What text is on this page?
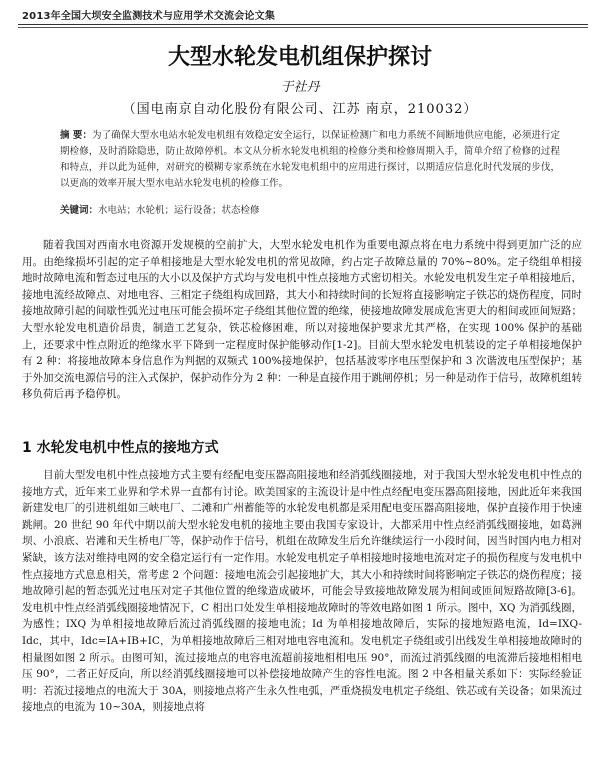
2013年全国大坝安全监测技术与应用学术交流会论文集
大型水轮发电机组保护探讨
于社丹
（国电南京自动化股份有限公司、江苏 南京，210032）
摘 要：为了确保大型水电站水轮发电机组有效稳定安全运行，以保证检测广和电力系统不间断地供应电能，必须进行定期检修，及时消除隐患，防止故障停机。本文从分析水轮发电机组的检修分类和检修周期入手，简单介绍了检修的过程和特点，并以此为延伸，对研究的模糊专家系统在水轮发电机组中的应用进行探讨，以期适应信息化时代发展的步伐，以更高的效率开展大型水电站水轮发电机的检修工作。
关键词：水电站；水轮机；运行设备；状态检修
随着我国对西南水电资源开发规模的空前扩大，大型水轮发电机作为重要电源点将在电力系统中得到更加广泛的应用。由绝缘损坏引起的定子单相接地是大型水轮发电机的常见故障，约占定子故障总量的 70%~80%。定子绕组单相接地时故障电流和暂态过电压的大小以及保护方式均与发电机中性点接地方式密切相关。水轮发电机发生定子单相接地后，接地电流经故障点、对地电容、三相定子绕组构成回路，其大小和持续时间的长短将直接影响定子铁芯的烧伤程度，同时接地故障引起的间歇性弧光过电压可能会损坏定子绕组其他位置的绝缘，使接地故障发展成危害更大的相间或匝间短路；大型水轮发电机造价昂贵，制造工艺复杂，铁芯检修困难，所以对接地保护要求尤其严格，在实现 100% 保护的基础上，还要求中性点附近的绝缘水平下降到一定程度时保护能够动作[1-2]。目前大型水轮发电机装设的定子单相接地保护有 2 种：将接地故障本身信息作为判据的双频式 100%接地保护，包括基波零序电压型保护和 3 次谐波电压型保护；基于外加交流电源信号的注入式保护，保护动作分为 2 种：一种是直接作用于跳闸停机；另一种是动作于信号，故障机组转移负荷后再予稳停机。
1 水轮发电机中性点的接地方式
目前大型发电机中性点接地方式主要有经配电变压器高阻接地和经消弧线圈接地，对于我国大型水轮发电机中性点的接地方式，近年来工业界和学术界一直都有讨论。欧美国家的主流设计是中性点经配电变压器高阻接地，因此近年来我国新建发电厂的引进机组如三峡电厂、二滩和广州蓄能等的水轮发电机都是采用配电变压器高阻接地，保护直接作用于快速跳闸。20 世纪 90 年代中期以前大型水轮发电机的接地主要由我国专家设计，大都采用中性点经消弧线圈接地，如葛洲坝、小浪底、岩滩和天生桥电厂等，保护动作于信号，机组在故障发生后允许继续运行一小段时间，因当时国内电力相对紧缺，该方法对维持电网的安全稳定运行有一定作用。水轮发电机定子单相接地时接地电流对定子的损伤程度与发电机中性点接地方式息息相关，常考虑 2 个问题：接地电流会引起接地扩大，其大小和持续时间将影响定子铁芯的烧伤程度；接地故障引起的暂态弧光过电压对定子其他位置的绝缘造成破坏，可能会导致接地故障发展为相间或匝间短路故障[3-6]。发电机中性点经消弧线圈接地情况下，C 相出口处发生单相接地故障时的等效电路如图 1 所示。图中，XQ 为消弧线圈，为感性；IXQ 为单相接地故障后流过消弧线圈的接地电流；Id 为单相接地故障后，实际的接地短路电流，Id=IXQ-Idc，其中，Idc=IA+IB+IC，为单相接地故障后三相对地电容电流和。发电机定子绕组或引出线发生单相接地故障时的相量图如图 2 所示。由图可知，流过接地点的电容电流超前接地相相电压 90°，而流过消弧线圈的电流滞后接地相相电压 90°，二者正好反向，所以经消弧线圈接地可以补偿接地故障产生的容性电流。图 2 中各相量关系如下：实际经验证明：若流过接地点的电流大于 30A，则接地点将产生永久性电弧，严重烧损发电机定子绕组、铁芯或有关设备；如果流过接地点的电流为 10~30A，则接地点将
